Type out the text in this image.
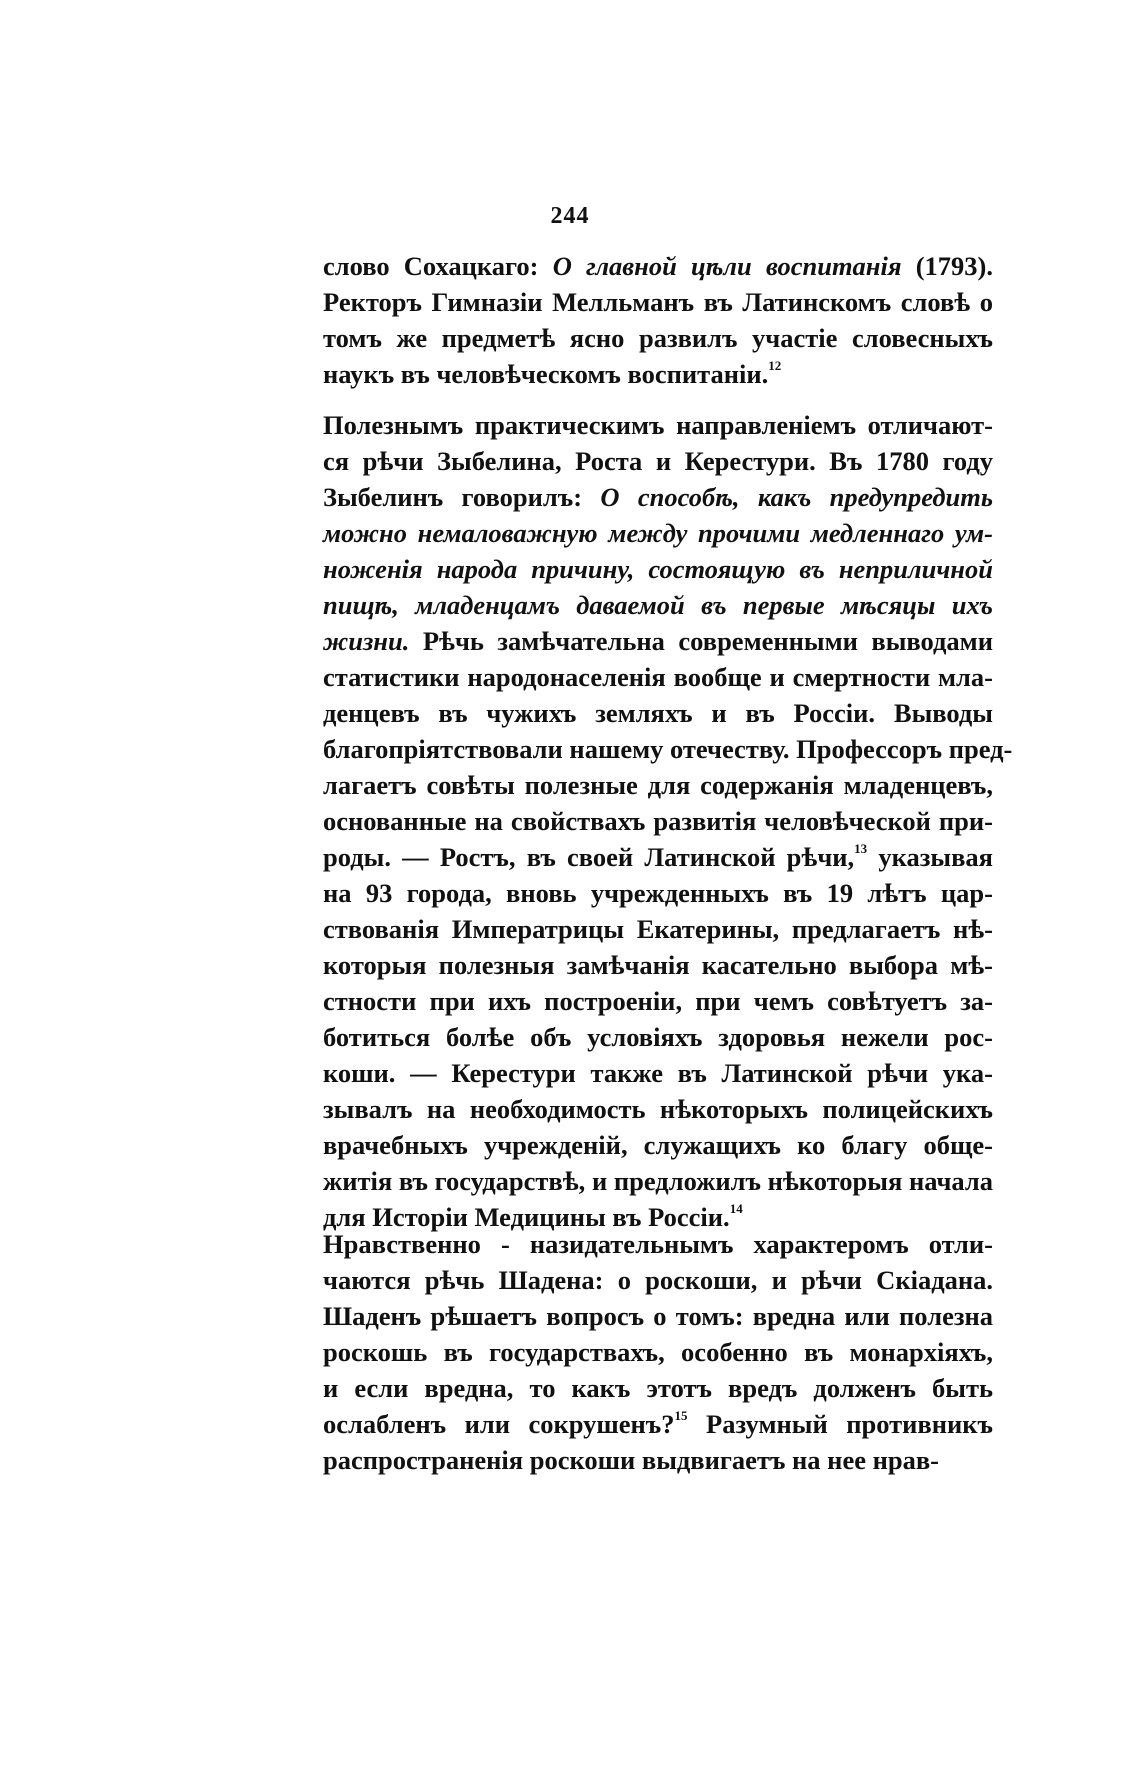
244
слово Сохацкаго: О главной цѣли воспитанія (1793).
Ректоръ Гимназіи Мелльманъ въ Латинскомъ словѣ о
томъ же предметѣ ясно развилъ участіе словесныхъ
наукъ въ человѣческомъ воспитаніи.$^{12}$
Полезнымъ практическимъ направленіемъ отличают-
ся рѣчи Зыбелина, Роста и Керестури. Въ 1780 году
Зыбелинъ говорилъ: О способѣ, какъ предупредить
можно немаловажную между прочими медленнаго ум-
ноженія народа причину, состоящую въ неприличной
пищѣ, младенцамъ даваемой въ первые мѣсяцы ихъ
жизни. Рѣчь замѣчательна современными выводами
статистики народонаселенія вообще и смертности мла-
денцевъ въ чужихъ земляхъ и въ Россіи. Выводы
благопріятствовали нашему отечеству. Профессоръ пред-
лагаетъ совѣты полезные для содержанія младенцевъ,
основанные на свойствахъ развитія человѣческой при-
роды. — Ростъ, въ своей Латинской рѣчи,$^{13}$ указывая
на 93 города, вновь учрежденныхъ въ 19 лѣтъ цар-
ствованія Императрицы Екатерины, предлагаетъ нѣ-
которыя полезныя замѣчанія касательно выбора мѣ-
стности при ихъ построеніи, при чемъ совѣтуетъ за-
ботиться болѣе объ условіяхъ здоровья нежели рос-
коши. — Керестури также въ Латинской рѣчи ука-
зывалъ на необходимость нѣкоторыхъ полицейскихъ
врачебныхъ учрежденій, служащихъ ко благу обще-
житія въ государствѣ, и предложилъ нѣкоторыя начала
для Исторіи Медицины въ Россіи.$^{14}$
Нравственно - назидательнымъ характеромъ отли-
чаются рѣчь Шадена: о роскоши, и рѣчи Скіадана.
Шаденъ рѣшаетъ вопросъ о томъ: вредна или полезна
роскошь въ государствахъ, особенно въ монархіяхъ,
и если вредна, то какъ этотъ вредъ долженъ быть
ослабленъ или сокрушенъ?$^{15}$ Разумный противникъ
распространенія роскоши выдвигаетъ на нее нрав-
